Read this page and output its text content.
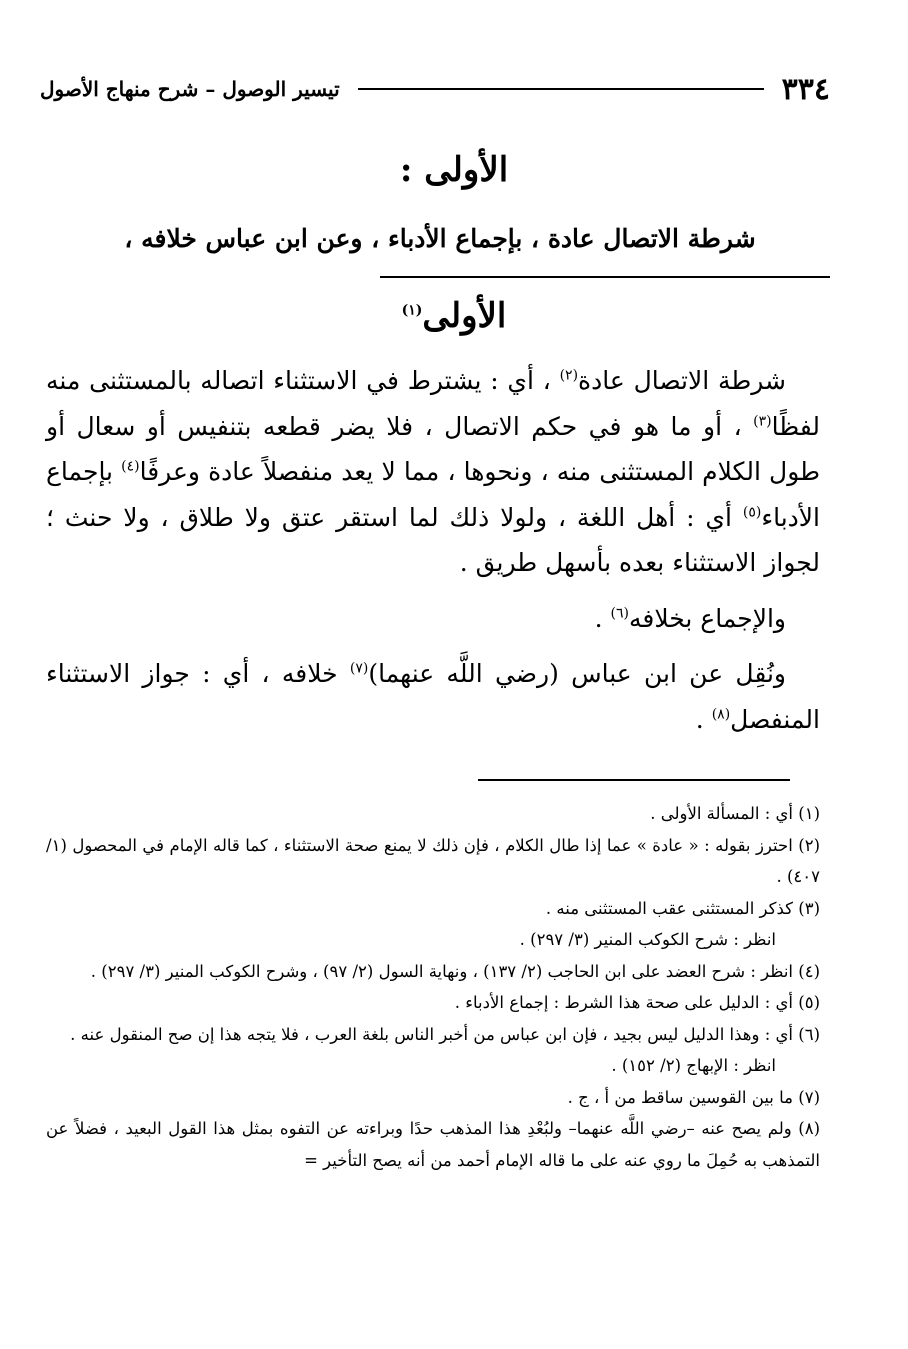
٣٣٤
تيسير الوصول – شرح منهاج الأصول
الأولى :
شرطة الاتصال عادة ، بإجماع الأدباء ، وعن ابن عباس خلافه ،
الأولى$^{(١)}$

شرطة الاتصال عادة$^{(٢)}$ ، أي : يشترط في الاستثناء اتصاله بالمستثنى منه لفظًا$^{(٣)}$ ، أو ما هو في حكم الاتصال ، فلا يضر قطعه بتنفيس أو سعال أو طول الكلام المستثنى منه ، ونحوها ، مما لا يعد منفصلاً عادة وعرفًا$^{(٤)}$ بإجماع الأدباء$^{(٥)}$ أي : أهل اللغة ، ولولا ذلك لما استقر عتق ولا طلاق ، ولا حنث ؛ لجواز الاستثناء بعده بأسهل طريق .

والإجماع بخلافه$^{(٦)}$ .

ونُقِل عن ابن عباس (رضي اللَّه عنهما)$^{(٧)}$ خلافه ، أي : جواز الاستثناء المنفصل$^{(٨)}$ .

(١) أي : المسألة الأولى .
(٢) احترز بقوله : « عادة » عما إذا طال الكلام ، فإن ذلك لا يمنع صحة الاستثناء ، كما قاله الإمام في المحصول (١/ ٤٠٧) .
(٣) كذكر المستثنى عقب المستثنى منه .
انظر : شرح الكوكب المنير (٣/ ٢٩٧) .
(٤) انظر : شرح العضد على ابن الحاجب (٢/ ١٣٧) ، ونهاية السول (٢/ ٩٧) ، وشرح الكوكب المنير (٣/ ٢٩٧) .
(٥) أي : الدليل على صحة هذا الشرط : إجماع الأدباء .
(٦) أي : وهذا الدليل ليس بجيد ، فإن ابن عباس من أخبر الناس بلغة العرب ، فلا يتجه هذا إن صح المنقول عنه .
انظر : الإبهاج (٢/ ١٥٢) .
(٧) ما بين القوسين ساقط من أ ، ج .
(٨) ولم يصح عنه –رضي اللَّه عنهما– ولبُعْدِ هذا المذهب حدًا وبراءته عن التفوه بمثل هذا القول البعيد ، فضلاً عن التمذهب به حُمِلَ ما روي عنه على ما قاله الإمام أحمد من أنه يصح التأخير =
